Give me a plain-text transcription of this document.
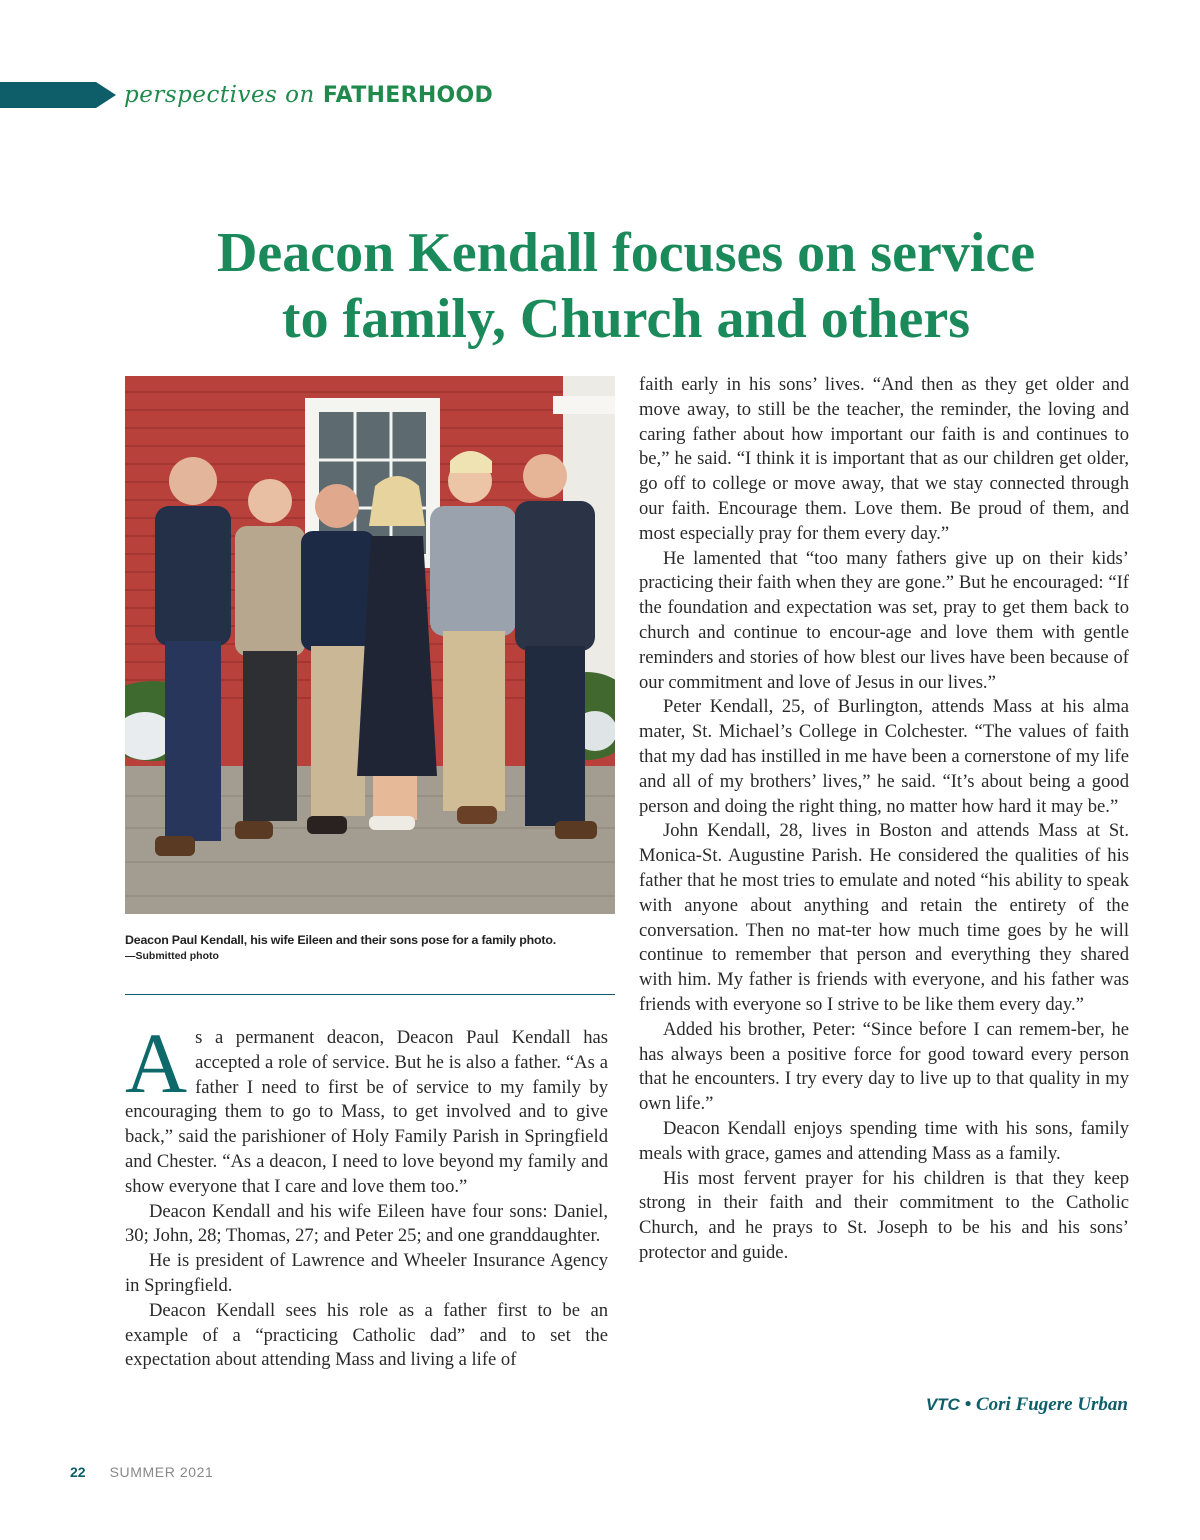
perspectives on FATHERHOOD
Deacon Kendall focuses on service
to family, Church and others
Deacon Paul Kendall, his wife Eileen and their sons pose for a family photo.
—Submitted photo

As a permanent deacon, Deacon Paul Kendall has accepted a role of service. But he is also a father. “As a father I need to first be of service to my family by encouraging them to go to Mass, to get involved and to give back,” said the parishioner of Holy Family Parish in Springfield and Chester. “As a deacon, I need to love beyond my family and show everyone that I care and love them too.”

Deacon Kendall and his wife Eileen have four sons: Daniel, 30; John, 28; Thomas, 27; and Peter 25; and one granddaughter.

He is president of Lawrence and Wheeler Insurance Agency in Springfield.

Deacon Kendall sees his role as a father first to be an example of a “practicing Catholic dad” and to set the expectation about attending Mass and living a life of

faith early in his sons’ lives. “And then as they get older and move away, to still be the teacher, the reminder, the loving and caring father about how important our faith is and continues to be,” he said. “I think it is important that as our children get older, go off to college or move away, that we stay connected through our faith. Encourage them. Love them. Be proud of them, and most especially pray for them every day.”

He lamented that “too many fathers give up on their kids’ practicing their faith when they are gone.” But he encouraged: “If the foundation and expectation was set, pray to get them back to church and continue to encour-age and love them with gentle reminders and stories of how blest our lives have been because of our commitment and love of Jesus in our lives.”

Peter Kendall, 25, of Burlington, attends Mass at his alma mater, St. Michael’s College in Colchester. “The values of faith that my dad has instilled in me have been a cornerstone of my life and all of my brothers’ lives,” he said. “It’s about being a good person and doing the right thing, no matter how hard it may be.”

John Kendall, 28, lives in Boston and attends Mass at St. Monica-St. Augustine Parish. He considered the qualities of his father that he most tries to emulate and noted “his ability to speak with anyone about anything and retain the entirety of the conversation. Then no mat-ter how much time goes by he will continue to remember that person and everything they shared with him. My father is friends with everyone, and his father was friends with everyone so I strive to be like them every day.”

Added his brother, Peter: “Since before I can remem-ber, he has always been a positive force for good toward every person that he encounters. I try every day to live up to that quality in my own life.”

Deacon Kendall enjoys spending time with his sons, family meals with grace, games and attending Mass as a family.

His most fervent prayer for his children is that they keep strong in their faith and their commitment to the Catholic Church, and he prays to St. Joseph to be his and his sons’ protector and guide.

VTC • Cori Fugere Urban
22 SUMMER 2021
